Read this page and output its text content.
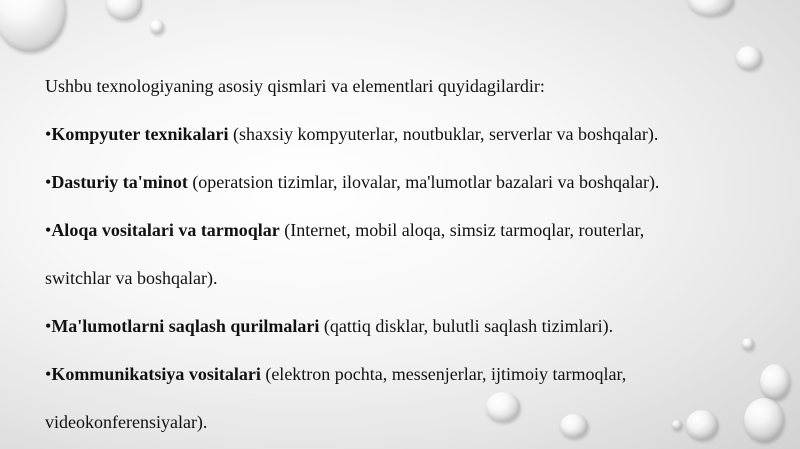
Ushbu texnologiyaning asosiy qismlari va elementlari quyidagilardir:
•Kompyuter texnikalari (shaxsiy kompyuterlar, noutbuklar, serverlar va boshqalar).
•Dasturiy ta'minot (operatsion tizimlar, ilovalar, ma'lumotlar bazalari va boshqalar).
•Aloqa vositalari va tarmoqlar (Internet, mobil aloqa, simsiz tarmoqlar, routerlar,
switchlar va boshqalar).
•Ma'lumotlarni saqlash qurilmalari (qattiq disklar, bulutli saqlash tizimlari).
•Kommunikatsiya vositalari (elektron pochta, messenjerlar, ijtimoiy tarmoqlar,
videokonferensiyalar).
